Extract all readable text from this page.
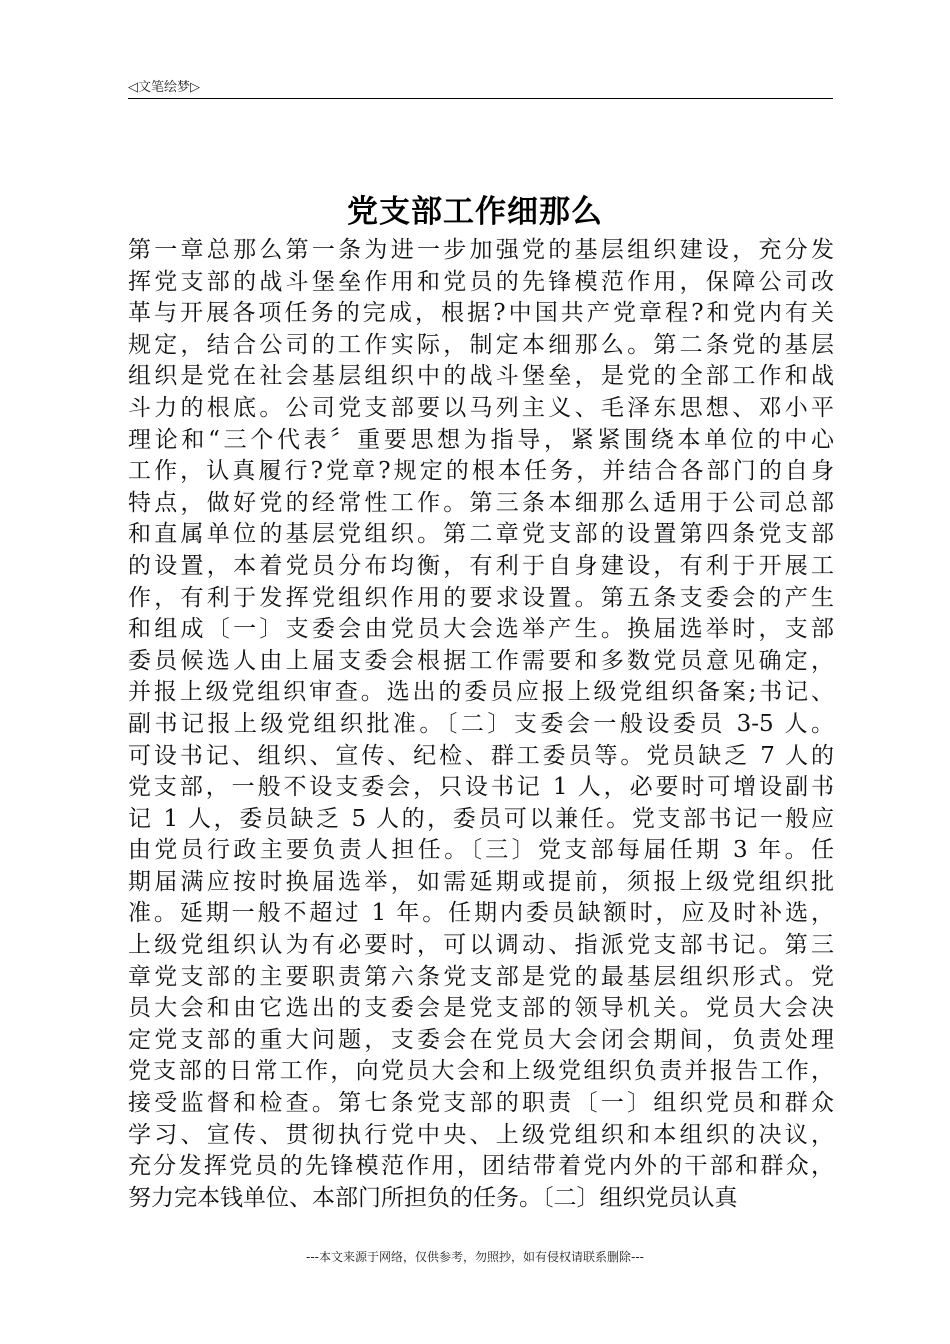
◁文笔绘梦▷
党支部工作细那么
第一章总那么第一条为进一步加强党的基层组织建设，充分发
挥党支部的战斗堡垒作用和党员的先锋模范作用，保障公司改
革与开展各项任务的完成，根据?中国共产党章程?和党内有关
规定，结合公司的工作实际，制定本细那么。第二条党的基层
组织是党在社会基层组织中的战斗堡垒，是党的全部工作和战
斗力的根底。公司党支部要以马列主义、毛泽东思想、邓小平
理论和“三个代表〞重要思想为指导，紧紧围绕本单位的中心
工作，认真履行?党章?规定的根本任务，并结合各部门的自身
特点，做好党的经常性工作。第三条本细那么适用于公司总部
和直属单位的基层党组织。第二章党支部的设置第四条党支部
的设置，本着党员分布均衡，有利于自身建设，有利于开展工
作，有利于发挥党组织作用的要求设置。第五条支委会的产生
和组成〔一〕支委会由党员大会选举产生。换届选举时，支部
委员候选人由上届支委会根据工作需要和多数党员意见确定，
并报上级党组织审查。选出的委员应报上级党组织备案;书记、
副书记报上级党组织批准。〔二〕支委会一般设委员 3-5 人。
可设书记、组织、宣传、纪检、群工委员等。党员缺乏 7 人的
党支部，一般不设支委会，只设书记 1 人，必要时可增设副书
记 1 人，委员缺乏 5 人的，委员可以兼任。党支部书记一般应
由党员行政主要负责人担任。〔三〕党支部每届任期 3 年。任
期届满应按时换届选举，如需延期或提前，须报上级党组织批
准。延期一般不超过 1 年。任期内委员缺额时，应及时补选，
上级党组织认为有必要时，可以调动、指派党支部书记。第三
章党支部的主要职责第六条党支部是党的最基层组织形式。党
员大会和由它选出的支委会是党支部的领导机关。党员大会决
定党支部的重大问题，支委会在党员大会闭会期间，负责处理
党支部的日常工作，向党员大会和上级党组织负责并报告工作，
接受监督和检查。第七条党支部的职责〔一〕组织党员和群众
学习、宣传、贯彻执行党中央、上级党组织和本组织的决议，
充分发挥党员的先锋模范作用，团结带着党内外的干部和群众，
努力完本钱单位、本部门所担负的任务。〔二〕组织党员认真
---本文来源于网络，仅供参考，勿照抄，如有侵权请联系删除---
